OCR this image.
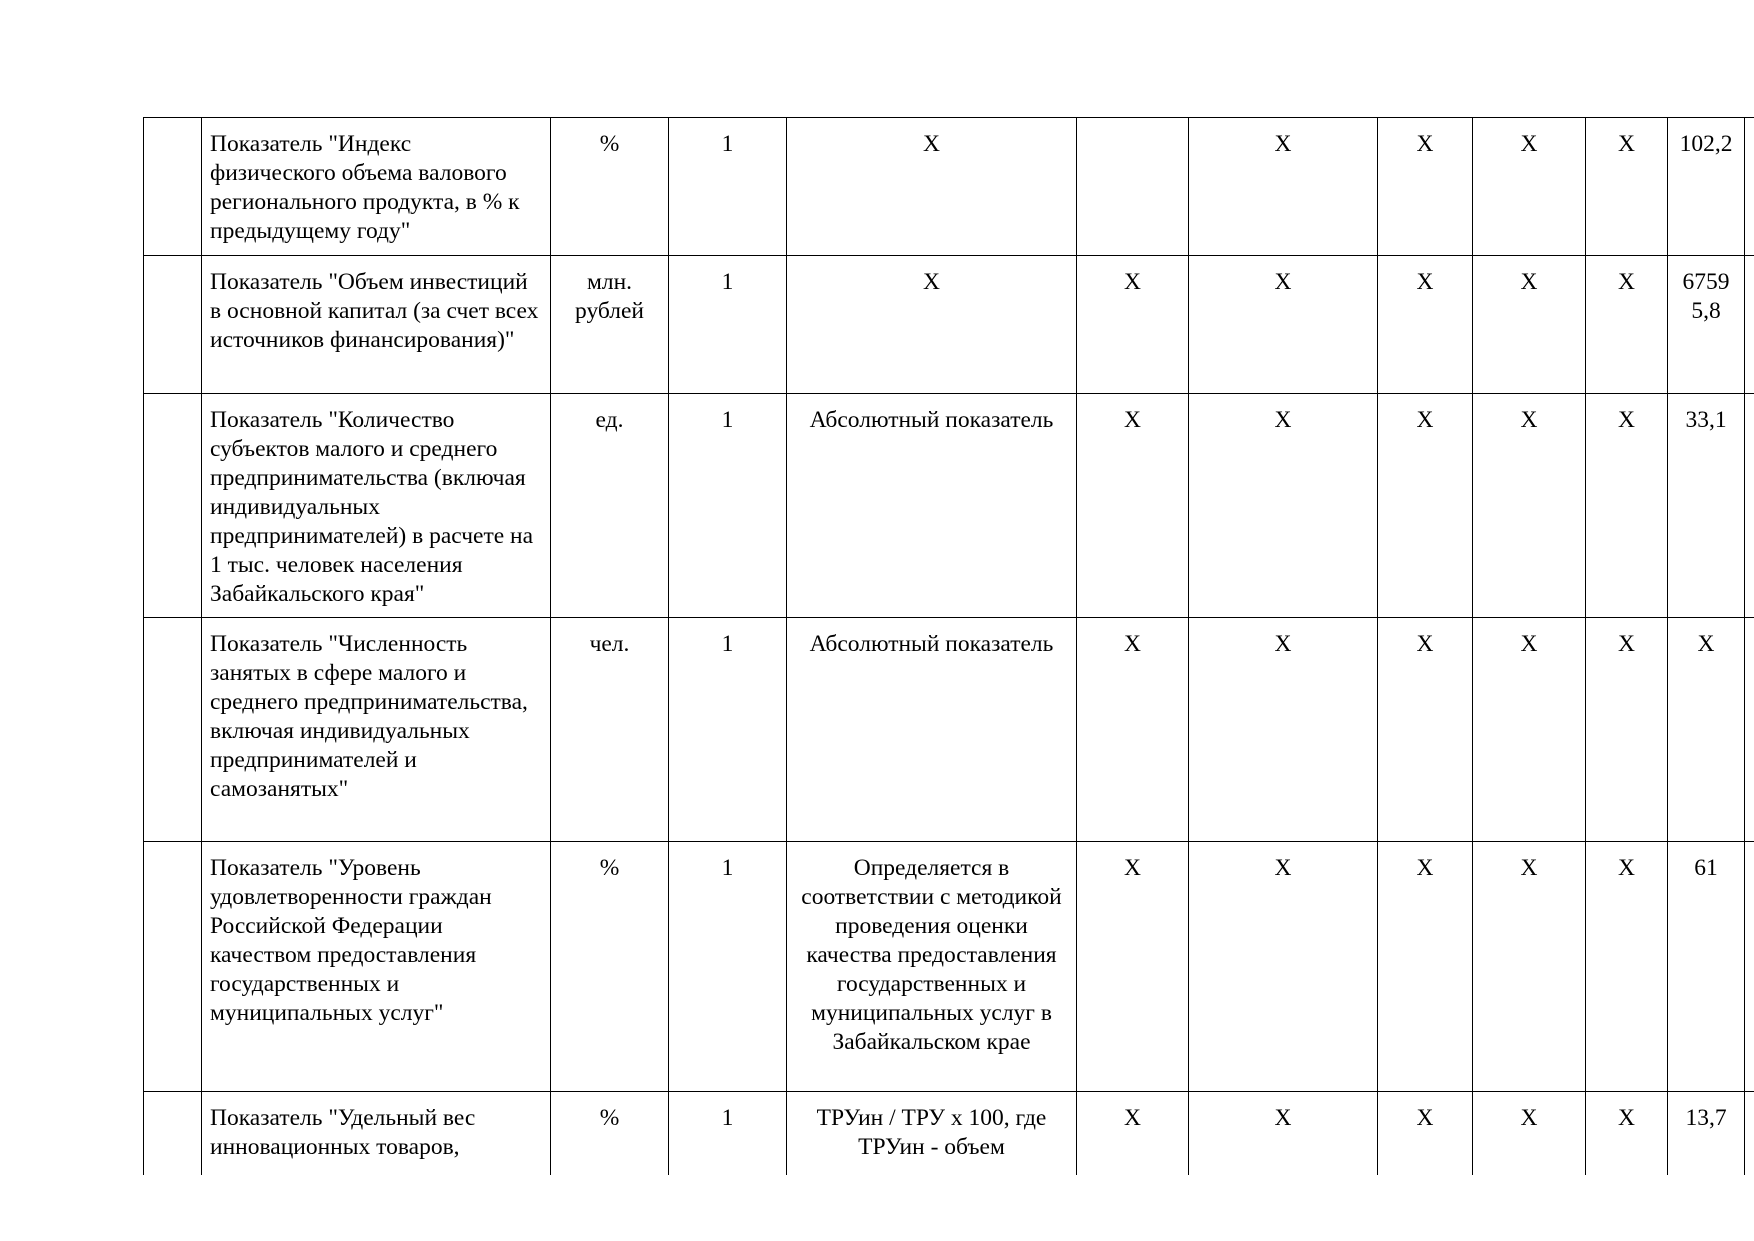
	Показатель "Индекс физического объема валового регионального продукта, в % к предыдущему году"	%	1	Х		Х	Х	Х	Х	102,2	
	Показатель "Объем инвестиций в основной капитал (за счет всех источников финансирования)"	млн. рублей	1	Х	Х	Х	Х	Х	Х	67595,8	
	Показатель "Количество субъектов малого и среднего предпринимательства (включая индивидуальных предпринимателей) в расчете на 1 тыс. человек населения Забайкальского края"	ед.	1	Абсолютный показатель	Х	Х	Х	Х	Х	33,1	
	Показатель "Численность занятых в сфере малого и среднего предпринимательства, включая индивидуальных предпринимателей и самозанятых"	чел.	1	Абсолютный показатель	Х	Х	Х	Х	Х	Х	
	Показатель "Уровень удовлетворенности граждан Российской Федерации качеством предоставления государственных и муниципальных услуг"	%	1	Определяется в соответствии с методикой проведения оценки качества предоставления государственных и муниципальных услуг в Забайкальском крае	Х	Х	Х	Х	Х	61	
	Показатель "Удельный вес инновационных товаров,	%	1	ТРУин / ТРУ х 100, где ТРУин - объем	Х	Х	Х	Х	Х	13,7	
